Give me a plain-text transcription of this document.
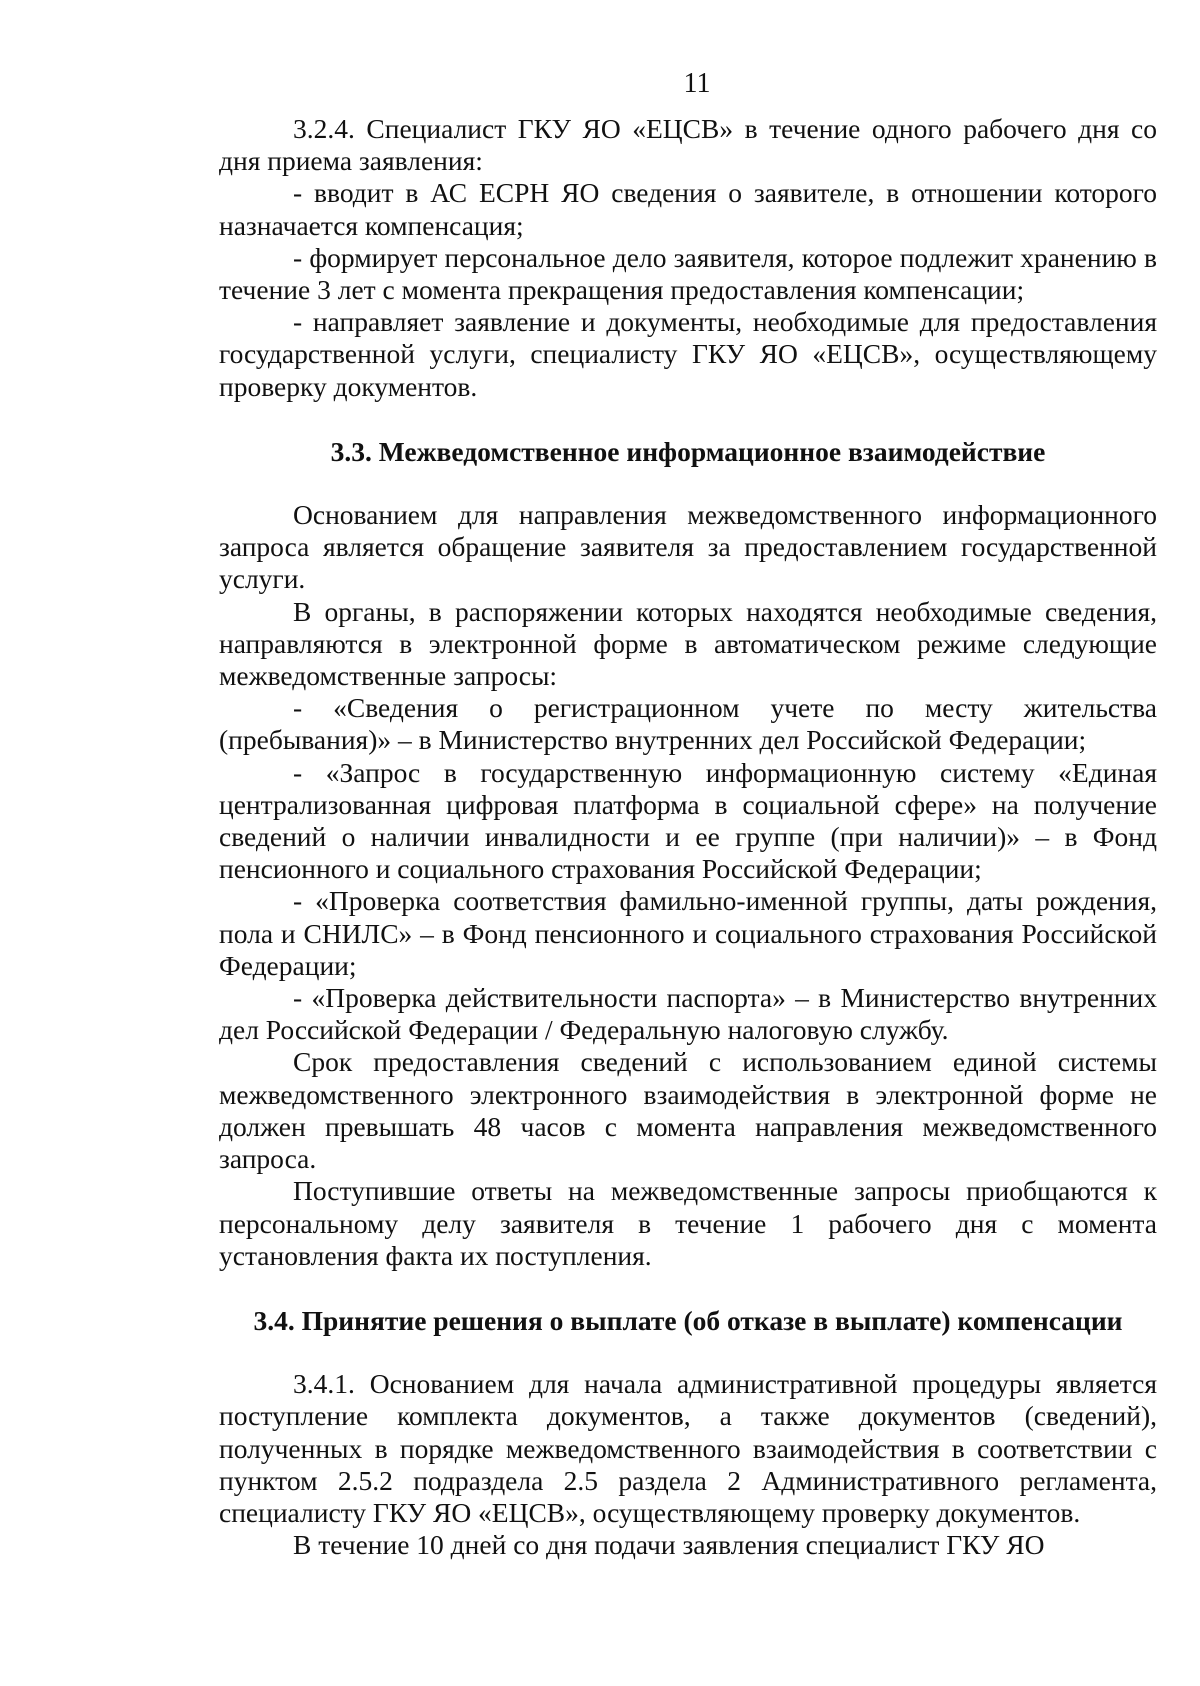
11

3.2.4. Специалист ГКУ ЯО «ЕЦСВ» в течение одного рабочего дня со дня приема заявления:

- вводит в АС ЕСРН ЯО сведения о заявителе, в отношении которого назначается компенсация;

- формирует персональное дело заявителя, которое подлежит хранению в течение 3 лет с момента прекращения предоставления компенсации;

- направляет заявление и документы, необходимые для предоставления государственной услуги, специалисту ГКУ ЯО «ЕЦСВ», осуществляющему проверку документов.

3.3. Межведомственное информационное взаимодействие

Основанием для направления межведомственного информационного запроса является обращение заявителя за предоставлением государственной услуги.

В органы, в распоряжении которых находятся необходимые сведения, направляются в электронной форме в автоматическом режиме следующие межведомственные запросы:

- «Сведения о регистрационном учете по месту жительства (пребывания)» – в Министерство внутренних дел Российской Федерации;

- «Запрос в государственную информационную систему «Единая централизованная цифровая платформа в социальной сфере» на получение сведений о наличии инвалидности и ее группе (при наличии)» – в Фонд пенсионного и социального страхования Российской Федерации;

- «Проверка соответствия фамильно-именной группы, даты рождения, пола и СНИЛС» – в Фонд пенсионного и социального страхования Российской Федерации;

- «Проверка действительности паспорта» – в Министерство внутренних дел Российской Федерации / Федеральную налоговую службу.

Срок предоставления сведений с использованием единой системы межведомственного электронного взаимодействия в электронной форме не должен превышать 48 часов с момента направления межведомственного запроса.

Поступившие ответы на межведомственные запросы приобщаются к персональному делу заявителя в течение 1 рабочего дня с момента установления факта их поступления.

3.4. Принятие решения о выплате (об отказе в выплате) компенсации

3.4.1. Основанием для начала административной процедуры является поступление комплекта документов, а также документов (сведений), полученных в порядке межведомственного взаимодействия в соответствии с пунктом 2.5.2 подраздела 2.5 раздела 2 Административного регламента, специалисту ГКУ ЯО «ЕЦСВ», осуществляющему проверку документов.

В течение 10 дней со дня подачи заявления специалист ГКУ ЯО
